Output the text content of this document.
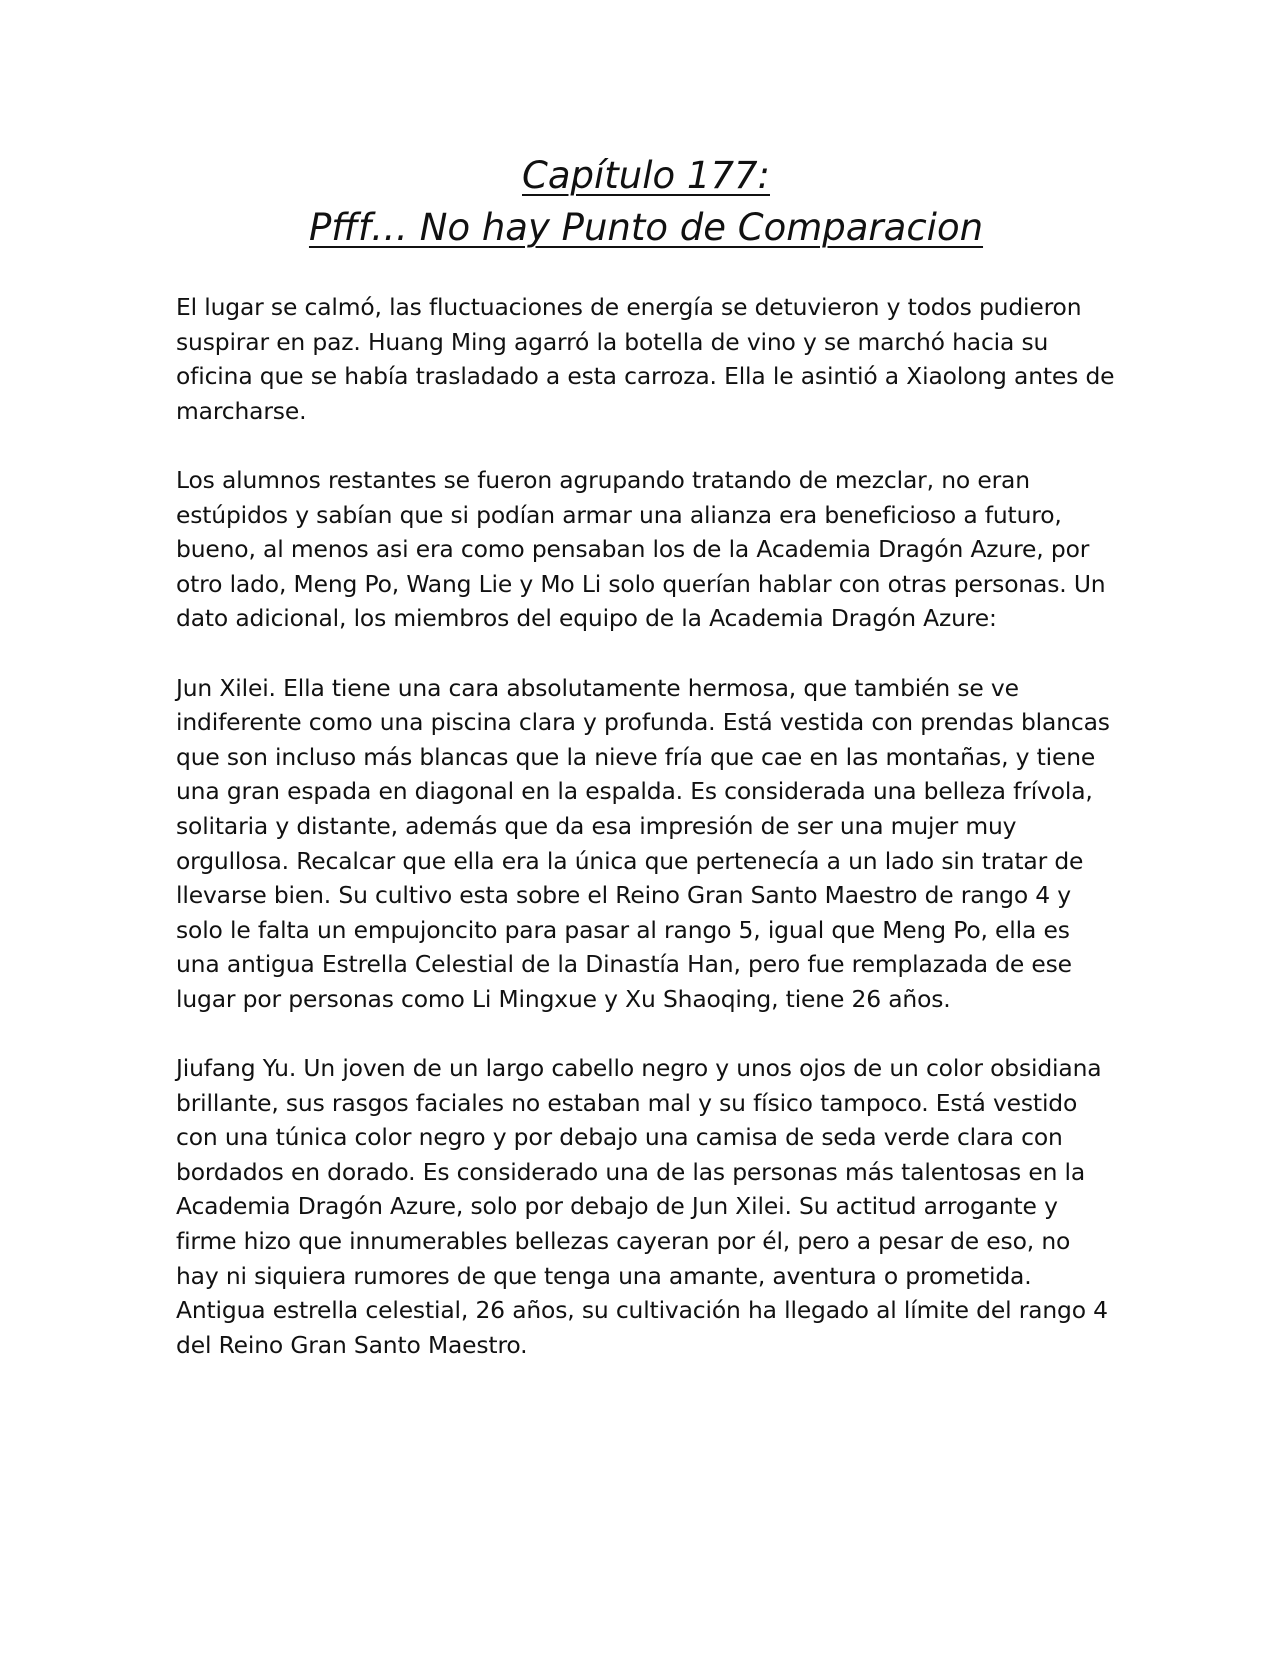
Capítulo 177:
Pfff… No hay Punto de Comparacion

El lugar se calmó, las fluctuaciones de energía se detuvieron y todos pudieron suspirar en paz. Huang Ming agarró la botella de vino y se marchó hacia su oficina que se había trasladado a esta carroza. Ella le asintió a Xiaolong antes de marcharse.

Los alumnos restantes se fueron agrupando tratando de mezclar, no eran estúpidos y sabían que si podían armar una alianza era beneficioso a futuro, bueno, al menos asi era como pensaban los de la Academia Dragón Azure, por otro lado, Meng Po, Wang Lie y Mo Li solo querían hablar con otras personas. Un dato adicional, los miembros del equipo de la Academia Dragón Azure:

Jun Xilei. Ella tiene una cara absolutamente hermosa, que también se ve indiferente como una piscina clara y profunda. Está vestida con prendas blancas que son incluso más blancas que la nieve fría que cae en las montañas, y tiene una gran espada en diagonal en la espalda. Es considerada una belleza frívola, solitaria y distante, además que da esa impresión de ser una mujer muy orgullosa. Recalcar que ella era la única que pertenecía a un lado sin tratar de llevarse bien. Su cultivo esta sobre el Reino Gran Santo Maestro de rango 4 y solo le falta un empujoncito para pasar al rango 5, igual que Meng Po, ella es una antigua Estrella Celestial de la Dinastía Han, pero fue remplazada de ese lugar por personas como Li Mingxue y Xu Shaoqing, tiene 26 años.

Jiufang Yu. Un joven de un largo cabello negro y unos ojos de un color obsidiana brillante, sus rasgos faciales no estaban mal y su físico tampoco. Está vestido con una túnica color negro y por debajo una camisa de seda verde clara con bordados en dorado. Es considerado una de las personas más talentosas en la Academia Dragón Azure, solo por debajo de Jun Xilei. Su actitud arrogante y firme hizo que innumerables bellezas cayeran por él, pero a pesar de eso, no hay ni siquiera rumores de que tenga una amante, aventura o prometida. Antigua estrella celestial, 26 años, su cultivación ha llegado al límite del rango 4 del Reino Gran Santo Maestro.
